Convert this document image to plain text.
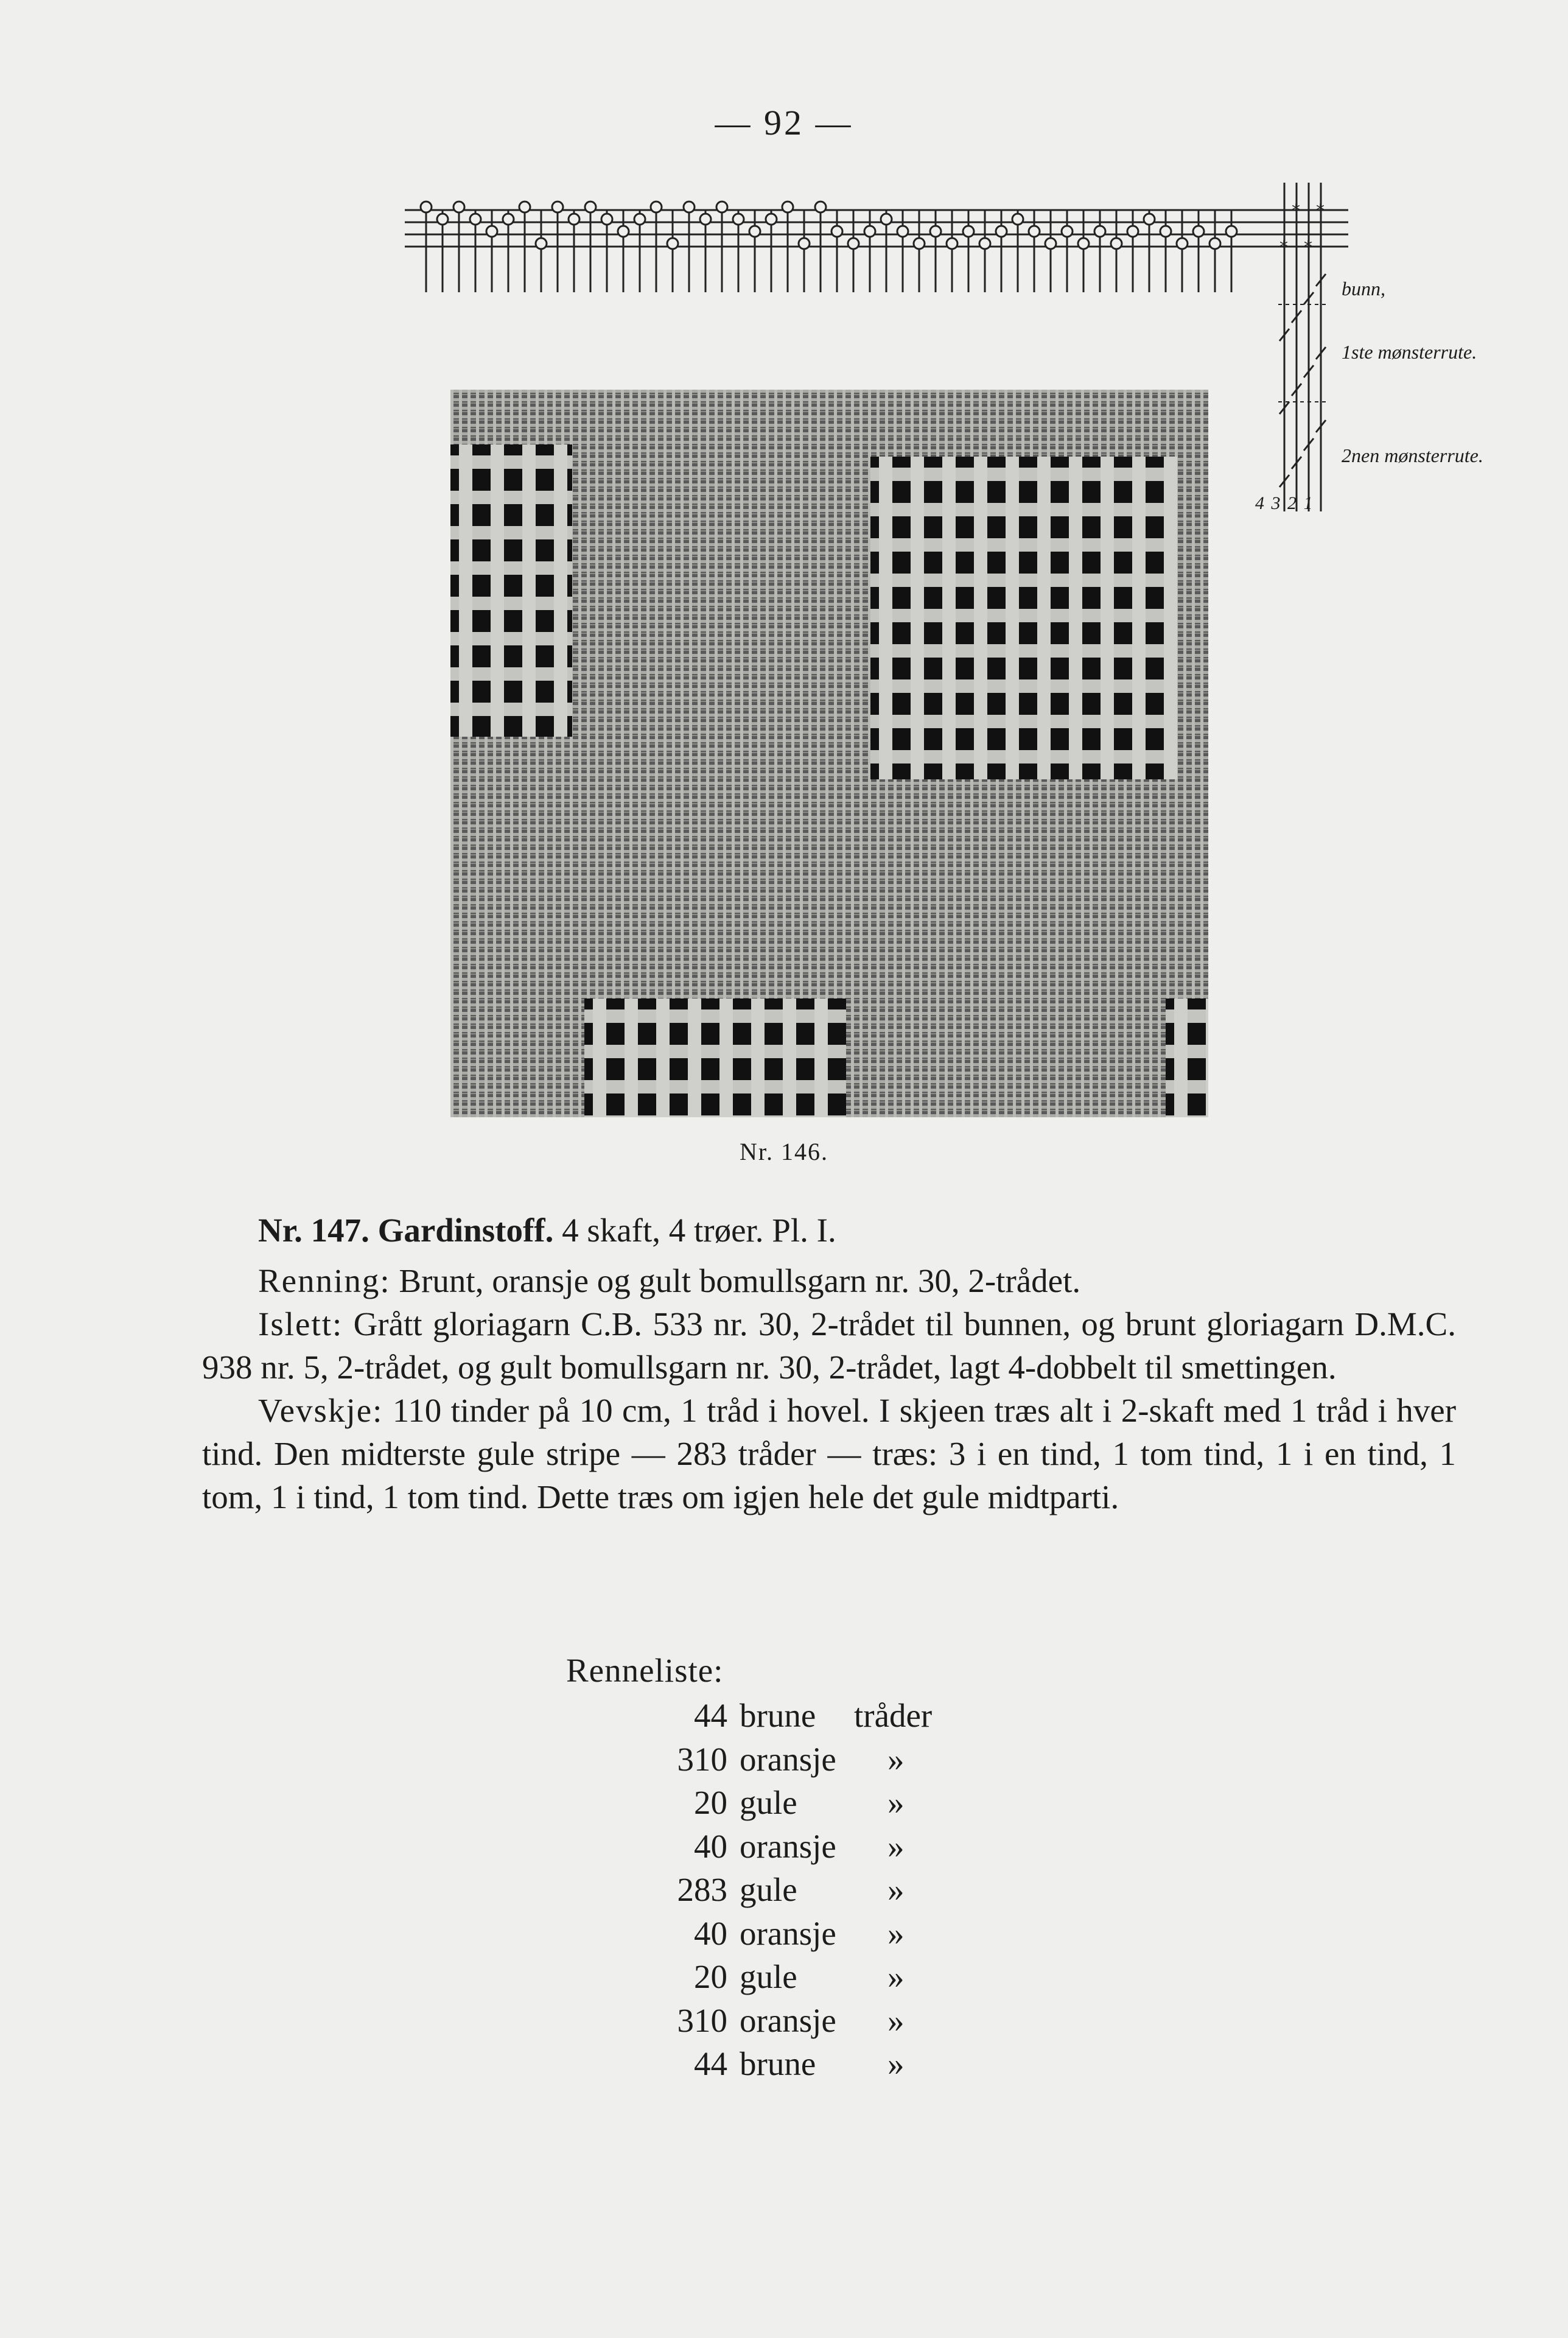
— 92 —
* *
* *
bunn,
1ste mønsterrute.
2nen mønsterrute.
4 3 2 1
Nr. 146.

Nr. 147. Gardinstoff. 4 skaft, 4 trøer. Pl. I.

Renning: Brunt, oransje og gult bomullsgarn nr. 30, 2-trådet.

Islett: Grått gloriagarn C.B. 533 nr. 30, 2-trådet til bunnen, og brunt gloriagarn D.M.C. 938 nr. 5, 2-trådet, og gult bomullsgarn nr. 30, 2-trådet, lagt 4-dobbelt til smettingen.

Vevskje: 110 tinder på 10 cm, 1 tråd i hovel. I skjeen træs alt i 2-skaft med 1 tråd i hver tind. Den midterste gule stripe — 283 tråder — træs: 3 i en tind, 1 tom tind, 1 i en tind, 1 tom, 1 i tind, 1 tom tind. Dette træs om igjen hele det gule midtparti.

Renneliste:
44 brune tråder
310 oransje »
20 gule	»
40 oransje »
283 gule	»
40 oransje »
20 gule	»
310 oransje »
44 brune »
